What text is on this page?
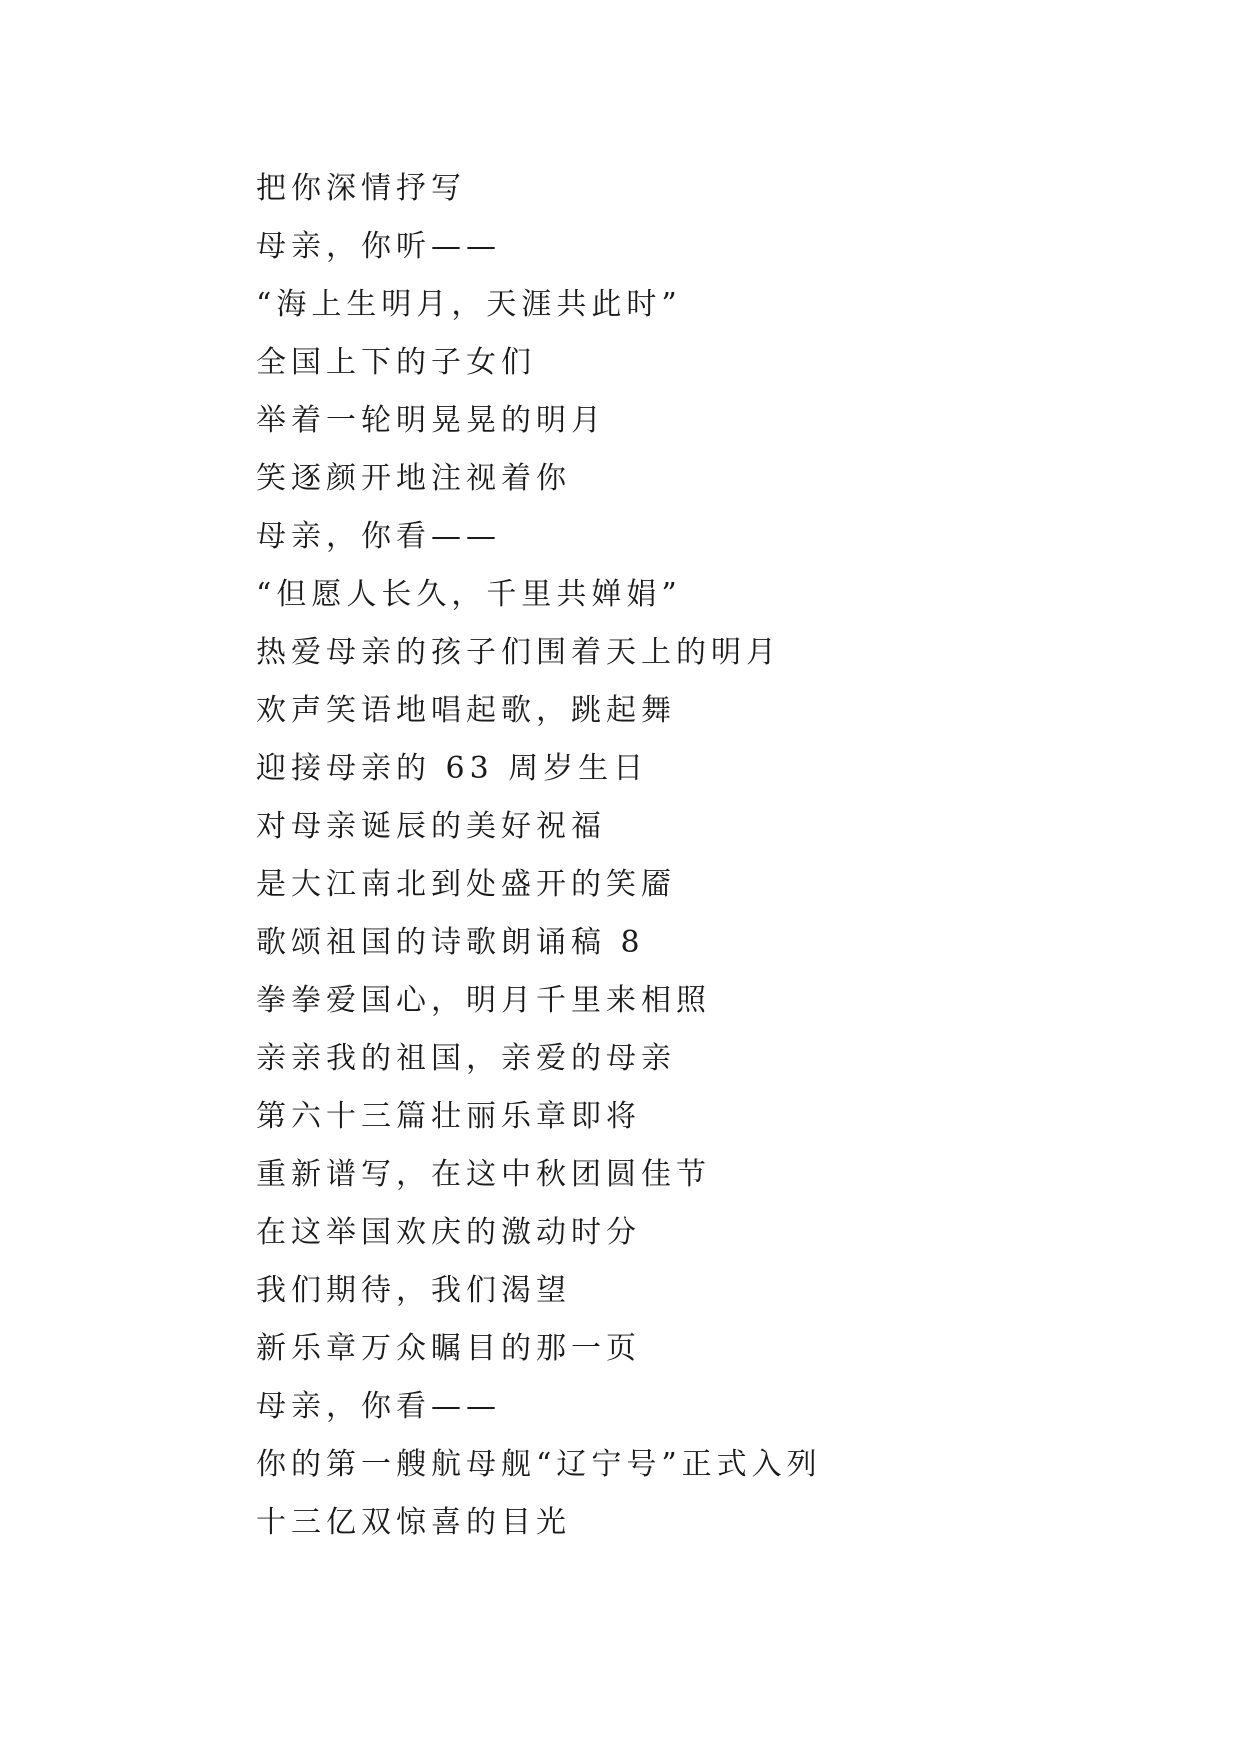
把你深情抒写
母亲，你听——
“海上生明月，天涯共此时”
全国上下的子女们
举着一轮明晃晃的明月
笑逐颜开地注视着你
母亲，你看——
“但愿人长久，千里共婵娟”
热爱母亲的孩子们围着天上的明月
欢声笑语地唱起歌，跳起舞
迎接母亲的 63 周岁生日
对母亲诞辰的美好祝福
是大江南北到处盛开的笑靥
歌颂祖国的诗歌朗诵稿 8
拳拳爱国心，明月千里来相照
亲亲我的祖国，亲爱的母亲
第六十三篇壮丽乐章即将
重新谱写，在这中秋团圆佳节
在这举国欢庆的激动时分
我们期待，我们渴望
新乐章万众瞩目的那一页
母亲，你看——
你的第一艘航母舰“辽宁号”正式入列
十三亿双惊喜的目光
